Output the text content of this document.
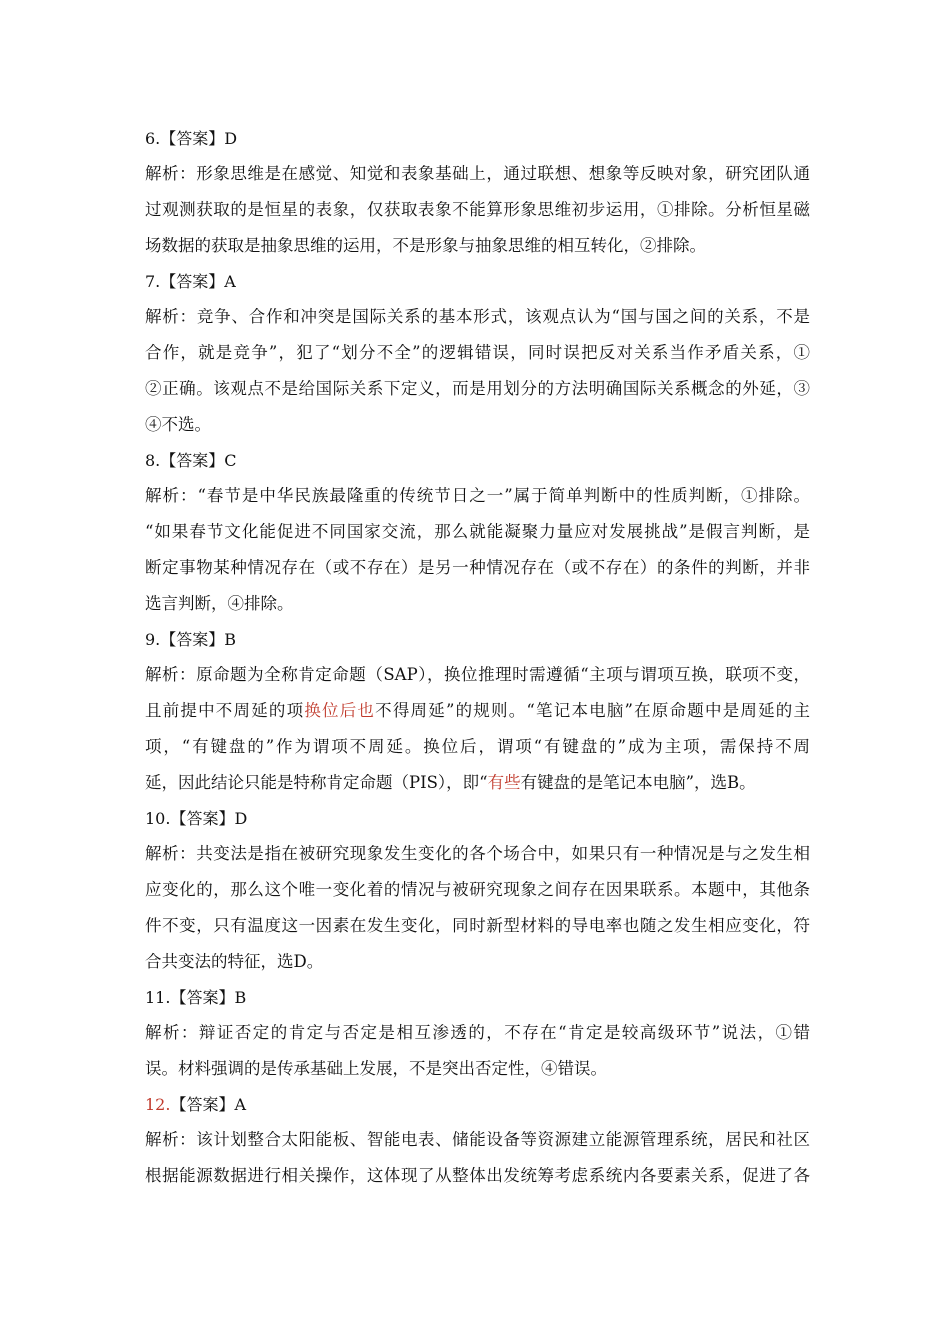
6.【答案】D
解析：形象思维是在感觉、知觉和表象基础上，通过联想、想象等反映对象，研究团队通
过观测获取的是恒星的表象，仅获取表象不能算形象思维初步运用，①排除。分析恒星磁
场数据的获取是抽象思维的运用，不是形象与抽象思维的相互转化，②排除。
7.【答案】A
解析：竞争、合作和冲突是国际关系的基本形式，该观点认为“国与国之间的关系，不是
合作，就是竞争”，犯了“划分不全”的逻辑错误，同时误把反对关系当作矛盾关系，①
②正确。该观点不是给国际关系下定义，而是用划分的方法明确国际关系概念的外延，③
④不选。
8.【答案】C
解析：“春节是中华民族最隆重的传统节日之一”属于简单判断中的性质判断，①排除。
“如果春节文化能促进不同国家交流，那么就能凝聚力量应对发展挑战”是假言判断，是
断定事物某种情况存在（或不存在）是另一种情况存在（或不存在）的条件的判断，并非
选言判断，④排除。
9.【答案】B
解析：原命题为全称肯定命题（SAP），换位推理时需遵循“主项与谓项互换，联项不变，
且前提中不周延的项换位后也不得周延”的规则。“笔记本电脑”在原命题中是周延的主
项，“有键盘的”作为谓项不周延。换位后，谓项“有键盘的”成为主项，需保持不周
延，因此结论只能是特称肯定命题（PIS），即“有些有键盘的是笔记本电脑”，选B。
10.【答案】D
解析：共变法是指在被研究现象发生变化的各个场合中，如果只有一种情况是与之发生相
应变化的，那么这个唯一变化着的情况与被研究现象之间存在因果联系。本题中，其他条
件不变，只有温度这一因素在发生变化，同时新型材料的导电率也随之发生相应变化，符
合共变法的特征，选D。
11.【答案】B
解析：辩证否定的肯定与否定是相互渗透的，不存在“肯定是较高级环节”说法，①错
误。材料强调的是传承基础上发展，不是突出否定性，④错误。
12.【答案】A
解析：该计划整合太阳能板、智能电表、储能设备等资源建立能源管理系统，居民和社区
根据能源数据进行相关操作，这体现了从整体出发统筹考虑系统内各要素关系，促进了各
